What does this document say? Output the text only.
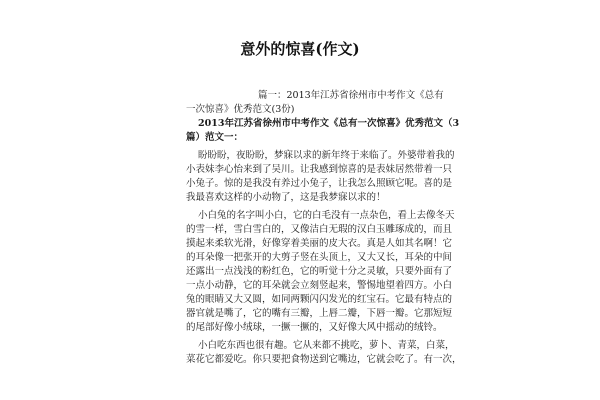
意外的惊喜(作文)
篇一：2013年江苏省徐州市中考作文《总有
一次惊喜》优秀范文(3份)
2013年江苏省徐州市中考作文《总有一次惊喜》优秀范文（3
篇）范文一：
盼盼盼，夜盼盼，梦寐以求的新年终于来临了。外婆带着我的
小表妹李心怡来到了吴川。让我感到惊喜的是表妹居然带着一只
小兔子。惊的是我没有养过小兔子，让我怎么照顾它呢。喜的是
我最喜欢这样的小动物了，这是我梦寐以求的！
小白兔的名字叫小白，它的白毛没有一点杂色，看上去像冬天
的雪一样，雪白雪白的，又像洁白无瑕的汉白玉雕琢成的，而且
摸起来柔软光滑，好像穿着美丽的皮大衣。真是人如其名啊！它
的耳朵像一把张开的大剪子竖在头顶上，又大又长，耳朵的中间
还露出一点浅浅的粉红色，它的听觉十分之灵敏，只要外面有了
一点小动静，它的耳朵就会立刻竖起来，警惕地望着四方。小白
兔的眼睛又大又圆，如同两颗闪闪发光的红宝石。它最有特点的
器官就是嘴了，它的嘴有三瓣，上唇二瓣，下唇一瓣。它那短短
的尾部好像小绒球，一撅一撅的，又好像大风中摇动的绒铃。
小白吃东西也很有趣。它从来都不挑吃，萝卜、青菜，白菜，
菜花它都爱吃。你只要把食物送到它嘴边，它就会吃了。有一次，
